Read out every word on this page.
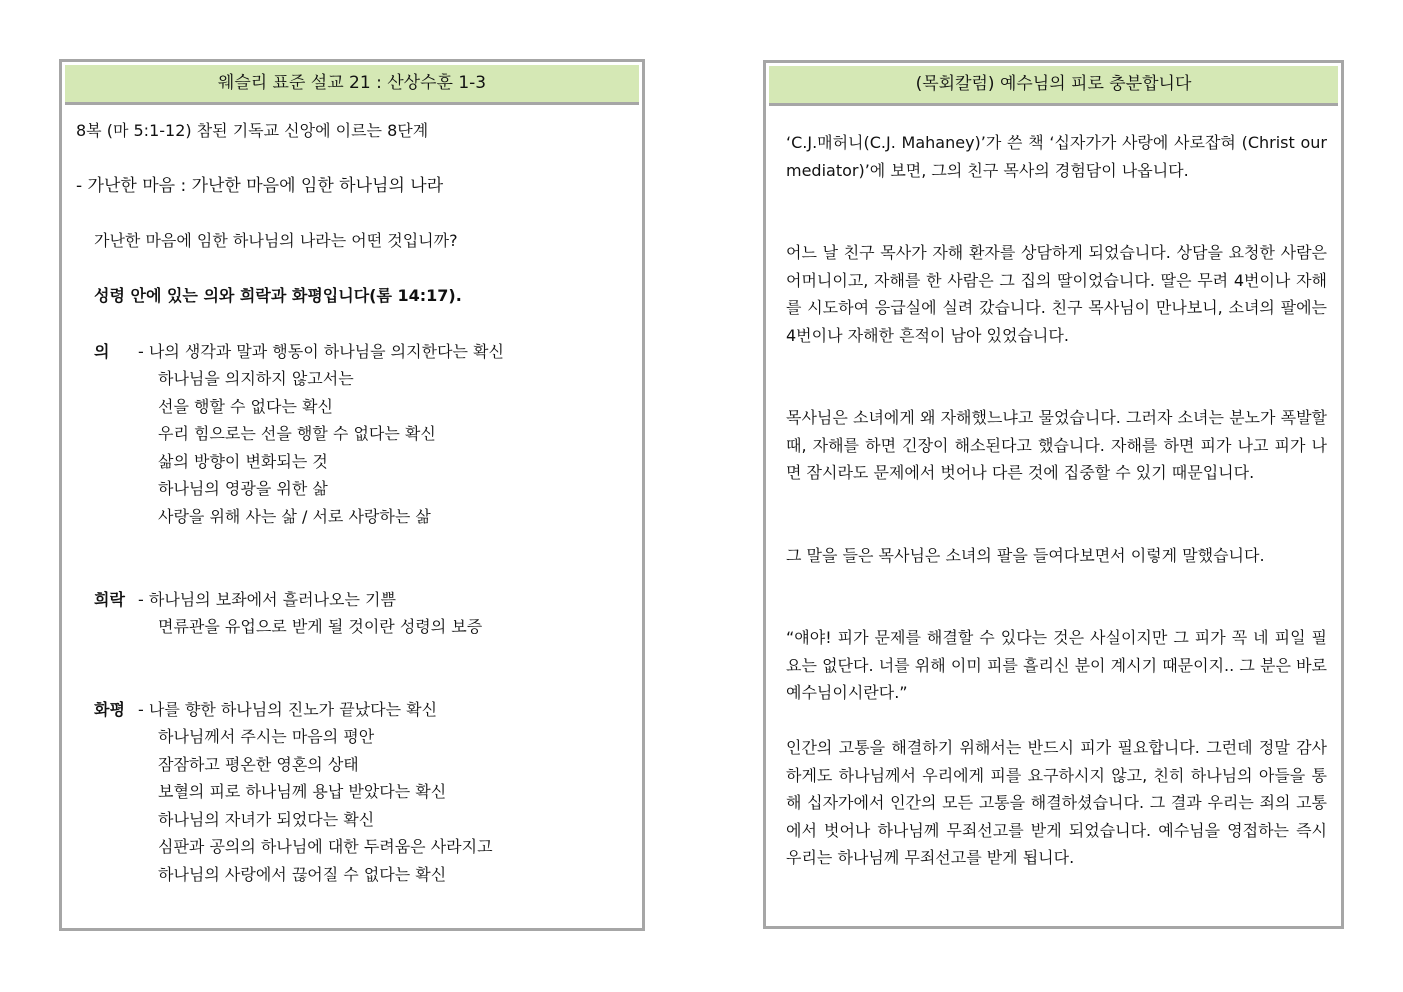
웨슬리 표준 설교 21 : 산상수훈 1-3
8복 (마 5:1-12) 참된 기독교 신앙에 이르는 8단계
- 가난한 마음 : 가난한 마음에 임한 하나님의 나라
가난한 마음에 임한 하나님의 나라는 어떤 것입니까?
성령 안에 있는 의와 희락과 화평입니다(롬 14:17).
의 - 나의 생각과 말과 행동이 하나님을 의지한다는 확신
하나님을 의지하지 않고서는
선을 행할 수 없다는 확신
우리 힘으로는 선을 행할 수 없다는 확신
삶의 방향이 변화되는 것
하나님의 영광을 위한 삶
사랑을 위해 사는 삶 / 서로 사랑하는 삶
희락 - 하나님의 보좌에서 흘러나오는 기쁨
면류관을 유업으로 받게 될 것이란 성령의 보증
화평 - 나를 향한 하나님의 진노가 끝났다는 확신
하나님께서 주시는 마음의 평안
잠잠하고 평온한 영혼의 상태
보혈의 피로 하나님께 용납 받았다는 확신
하나님의 자녀가 되었다는 확신
심판과 공의의 하나님에 대한 두려움은 사라지고
하나님의 사랑에서 끊어질 수 없다는 확신
(목회칼럼) 예수님의 피로 충분합니다
‘C.J.매허니(C.J. Mahaney)’가 쓴 책 ‘십자가가 사랑에 사로잡혀 (Christ our mediator)’에 보면, 그의 친구 목사의 경험담이 나옵니다.
어느 날 친구 목사가 자해 환자를 상담하게 되었습니다. 상담을 요청한 사람은 어머니이고, 자해를 한 사람은 그 집의 딸이었습니다. 딸은 무려 4번이나 자해를 시도하여 응급실에 실려 갔습니다. 친구 목사님이 만나보니, 소녀의 팔에는 4번이나 자해한 흔적이 남아 있었습니다.
목사님은 소녀에게 왜 자해했느냐고 물었습니다. 그러자 소녀는 분노가 폭발할 때, 자해를 하면 긴장이 해소된다고 했습니다. 자해를 하면 피가 나고 피가 나면 잠시라도 문제에서 벗어나 다른 것에 집중할 수 있기 때문입니다.
그 말을 들은 목사님은 소녀의 팔을 들여다보면서 이렇게 말했습니다.
“얘야! 피가 문제를 해결할 수 있다는 것은 사실이지만 그 피가 꼭 네 피일 필요는 없단다. 너를 위해 이미 피를 흘리신 분이 계시기 때문이지.. 그 분은 바로 예수님이시란다.”
인간의 고통을 해결하기 위해서는 반드시 피가 필요합니다. 그런데 정말 감사하게도 하나님께서 우리에게 피를 요구하시지 않고, 친히 하나님의 아들을 통해 십자가에서 인간의 모든 고통을 해결하셨습니다. 그 결과 우리는 죄의 고통에서 벗어나 하나님께 무죄선고를 받게 되었습니다. 예수님을 영접하는 즉시 우리는 하나님께 무죄선고를 받게 됩니다.
